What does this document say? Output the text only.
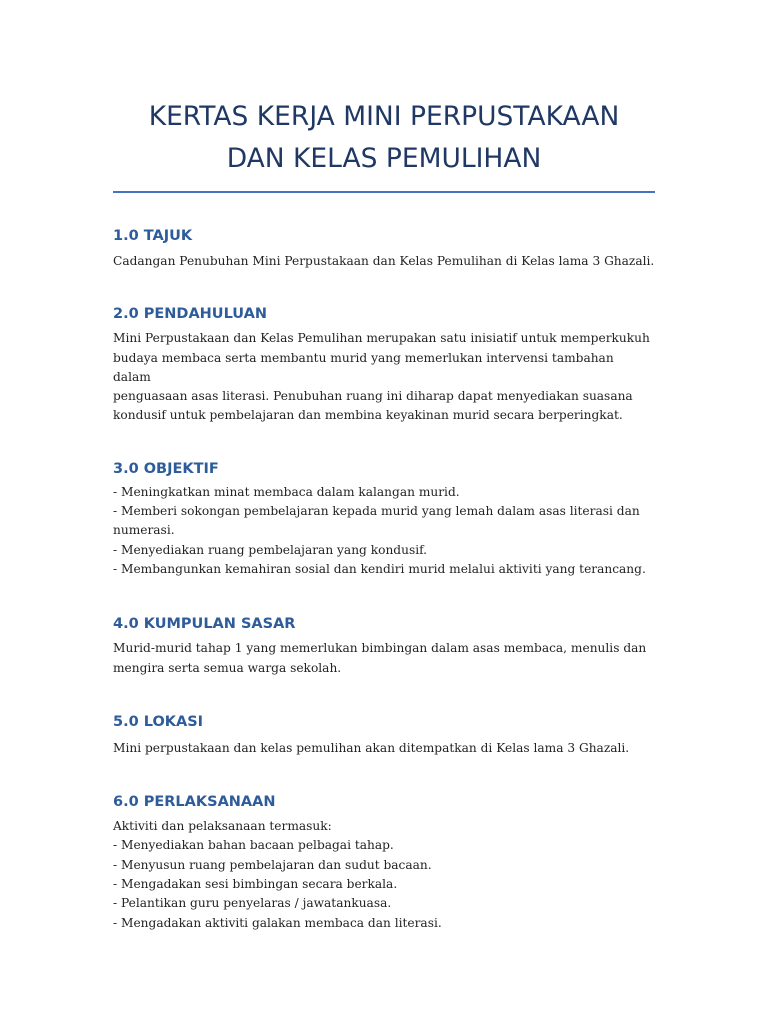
KERTAS KERJA MINI PERPUSTAKAAN
DAN KELAS PEMULIHAN
1.0 TAJUK

Cadangan Penubuhan Mini Perpustakaan dan Kelas Pemulihan di Kelas lama 3 Ghazali.

2.0 PENDAHULUAN

Mini Perpustakaan dan Kelas Pemulihan merupakan satu inisiatif untuk memperkukuh

budaya membaca serta membantu murid yang memerlukan intervensi tambahan dalam

penguasaan asas literasi. Penubuhan ruang ini diharap dapat menyediakan suasana

kondusif untuk pembelajaran dan membina keyakinan murid secara berperingkat.

3.0 OBJEKTIF

- Meningkatkan minat membaca dalam kalangan murid.

- Memberi sokongan pembelajaran kepada murid yang lemah dalam asas literasi dan

numerasi.

- Menyediakan ruang pembelajaran yang kondusif.

- Membangunkan kemahiran sosial dan kendiri murid melalui aktiviti yang terancang.

4.0 KUMPULAN SASAR

Murid-murid tahap 1 yang memerlukan bimbingan dalam asas membaca, menulis dan

mengira serta semua warga sekolah.

5.0 LOKASI

Mini perpustakaan dan kelas pemulihan akan ditempatkan di Kelas lama 3 Ghazali.

6.0 PERLAKSANAAN

Aktiviti dan pelaksanaan termasuk:

- Menyediakan bahan bacaan pelbagai tahap.

- Menyusun ruang pembelajaran dan sudut bacaan.

- Mengadakan sesi bimbingan secara berkala.

- Pelantikan guru penyelaras / jawatankuasa.

- Mengadakan aktiviti galakan membaca dan literasi.
